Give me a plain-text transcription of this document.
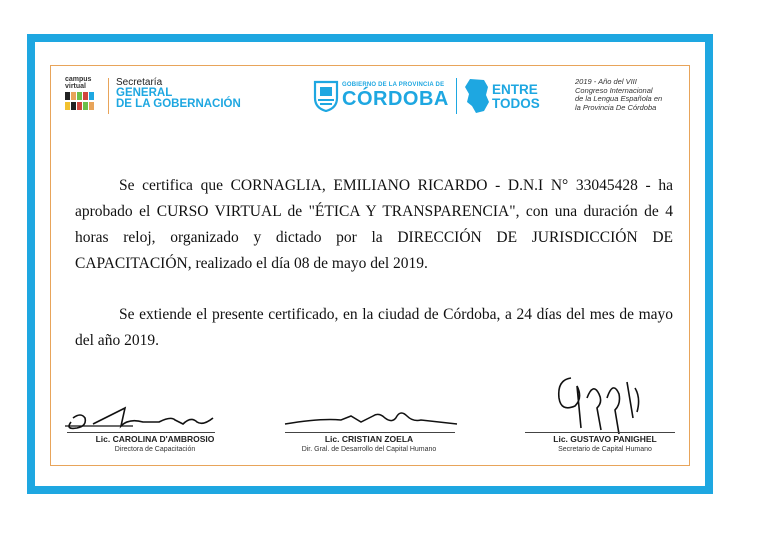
campus
virtual	Secretaría
GENERAL
DE LA GOBERNACIÓN
GOBIERNO DE LA PROVINCIA DE
CÓRDOBA	ENTRE
TODOS
2019 - Año del VIII
Congreso Internacional
de la Lengua Española en
la Provincia De Córdoba

Se certifica que CORNAGLIA, EMILIANO RICARDO - D.N.I N° 33045428 - ha aprobado el CURSO VIRTUAL de "ÉTICA Y TRANSPARENCIA", con una duración de 4 horas reloj, organizado y dictado por la DIRECCIÓN DE JURISDICCIÓN DE CAPACITACIÓN, realizado el día 08 de mayo del 2019.

Se extiende el presente certificado, en la ciudad de Córdoba, a 24 días del mes de mayo del año 2019.

Lic. CAROLINA D'AMBROSIO
Directora de Capacitación
Lic. CRISTIAN ZOELA
Dir. Gral. de Desarrollo del Capital Humano
Lic. GUSTAVO PANIGHEL
Secretario de Capital Humano
